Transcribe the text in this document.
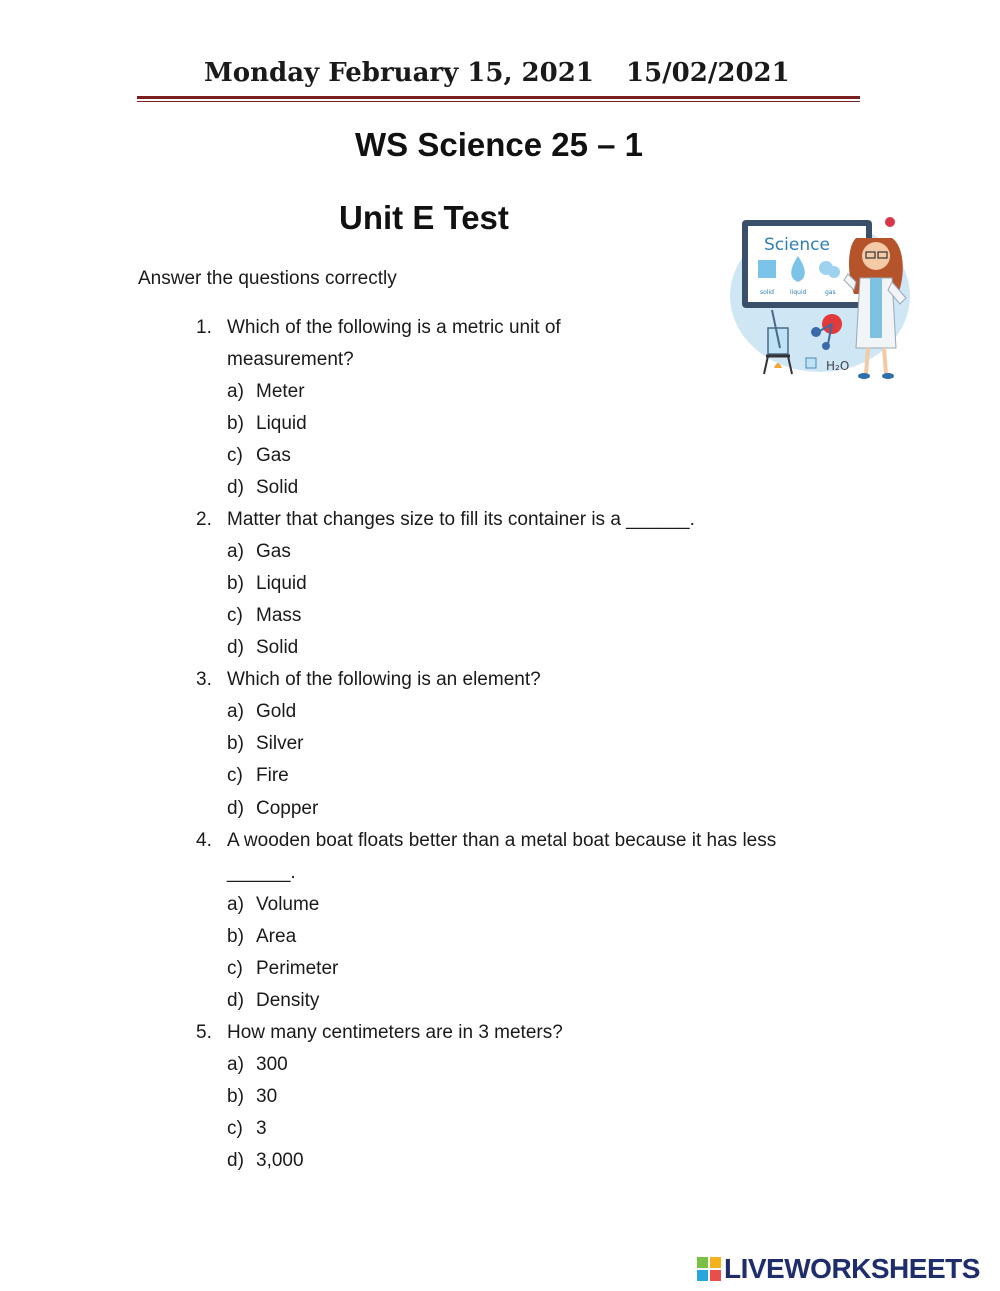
Monday February 15, 2021 15/02/2021
WS Science 25 – 1
Unit E Test
Answer the questions correctly
Science
solid	liquid	gas
H₂O
1. Which of the following is a metric unit of
measurement?
a) Meter
b) Liquid
c) Gas
d) Solid
2. Matter that changes size to fill its container is a ______.
a) Gas
b) Liquid
c) Mass
d) Solid
3. Which of the following is an element?
a) Gold
b) Silver
c) Fire
d) Copper
4. A wooden boat floats better than a metal boat because it has less
______.
a) Volume
b) Area
c) Perimeter
d) Density
5. How many centimeters are in 3 meters?
a) 300
b) 30
c) 3
d) 3,000
LIVEWORKSHEETS
